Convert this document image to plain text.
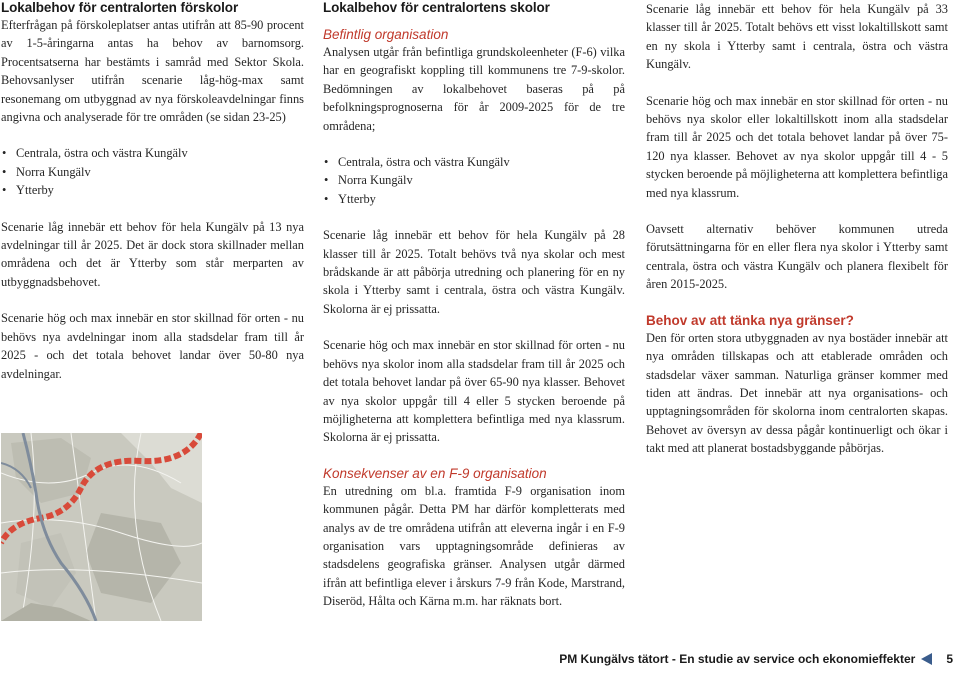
Lokalbehov för centralorten förskolor

Efterfrågan på förskoleplatser antas utifrån att 85-90 procent av 1-5-åringarna antas ha behov av barnomsorg. Procentsatserna har bestämts i samråd med Sektor Skola. Behovsanlyser utifrån scenarie låg-hög-max samt resonemang om utbyggnad av nya förskoleavdelningar finns angivna och analyserade för tre områden (se sidan 23-25)

• Centrala, östra och västra Kungälv
• Norra Kungälv
• Ytterby

Scenarie låg innebär ett behov för hela Kungälv på 13 nya avdelningar till år 2025. Det är dock stora skillnader mellan områdena och det är Ytterby som står merparten av utbyggnadsbehovet.

Scenarie hög och max innebär en stor skillnad för orten - nu behövs nya avdelningar inom alla stadsdelar fram till år 2025 - och det totala behovet landar över 50-80 nya avdelningar.

Lokalbehov för centralortens skolor
Befintlig organisation

Analysen utgår från befintliga grundskoleenheter (F-6) vilka har en geografiskt koppling till kommunens tre 7-9-skolor. Bedömningen av lokalbehovet baseras på på befolkningsprognoserna för år 2009-2025 för de tre områdena;

• Centrala, östra och västra Kungälv
• Norra Kungälv
• Ytterby

Scenarie låg innebär ett behov för hela Kungälv på 28 klasser till år 2025. Totalt behövs två nya skolar och mest brådskande är att påbörja utredning och planering för en ny skola i Ytterby samt i centrala, östra och västra Kungälv. Skolorna är ej prissatta.

Scenarie hög och max innebär en stor skillnad för orten - nu behövs nya skolor inom alla stadsdelar fram till år 2025 och det totala behovet landar på över 65-90 nya klasser. Behovet av nya skolor uppgår till 4 eller 5 stycken beroende på möjligheterna att komplettera befintliga med nya klassrum. Skolorna är ej prissatta.

Konsekvenser av en F-9 organisation

En utredning om bl.a. framtida F-9 organisation inom kommunen pågår. Detta PM har därför kompletterats med analys av de tre områdena utifrån att eleverna ingår i en F-9 organisation vars upptagningsområde definieras av stadsdelens geografiska gränser. Analysen utgår därmed ifrån att befintliga elever i årskurs 7-9 från Kode, Marstrand, Diseröd, Hålta och Kärna m.m. har räknats bort.

Scenarie låg innebär ett behov för hela Kungälv på 33 klasser till år 2025. Totalt behövs ett visst lokaltillskott samt en ny skola i Ytterby samt i centrala, östra och västra Kungälv.

Scenarie hög och max innebär en stor skillnad för orten - nu behövs nya skolor eller lokaltillskott inom alla stadsdelar fram till år 2025 och det totala behovet landar på över 75-120 nya klasser. Behovet av nya skolor uppgår till 4 - 5 stycken beroende på möjligheterna att komplettera befintliga med nya klassrum.

Oavsett alternativ behöver kommunen utreda förutsättningarna för en eller flera nya skolor i Ytterby samt centrala, östra och västra Kungälv och planera flexibelt för åren 2015-2025.

Behov av att tänka nya gränser?

Den för orten stora utbyggnaden av nya bostäder innebär att nya områden tillskapas och att etablerade områden och stadsdelar växer samman. Naturliga gränser kommer med tiden att ändras. Det innebär att nya organisations- och upptagningsområden för skolorna inom centralorten skapas. Behovet av översyn av dessa pågår kontinuerligt och ökar i takt med att planerat bostadsbyggande påbörjas.

PM Kungälvs tätort - En studie av service och ekonomieffekter	5
